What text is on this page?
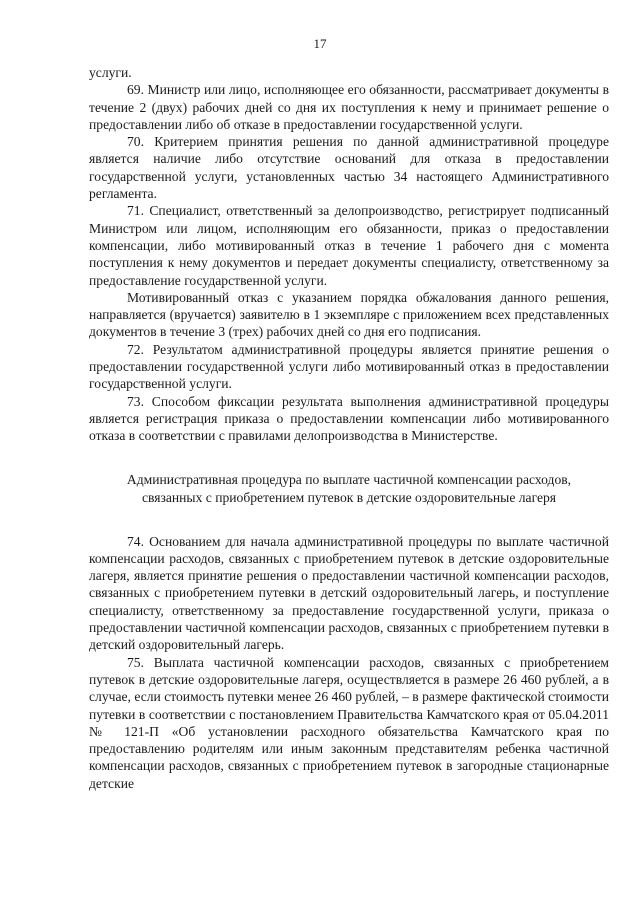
17

услуги.

69. Министр или лицо, исполняющее его обязанности, рассматривает документы в течение 2 (двух) рабочих дней со дня их поступления к нему и принимает решение о предоставлении либо об отказе в предоставлении государственной услуги.

70. Критерием принятия решения по данной административной процедуре является наличие либо отсутствие оснований для отказа в предоставлении государственной услуги, установленных частью 34 настоящего Административного регламента.

71. Специалист, ответственный за делопроизводство, регистрирует подписанный Министром или лицом, исполняющим его обязанности, приказ о предоставлении компенсации, либо мотивированный отказ в течение 1 рабочего дня с момента поступления к нему документов и передает документы специалисту, ответственному за предоставление государственной услуги.

Мотивированный отказ с указанием порядка обжалования данного решения, направляется (вручается) заявителю в 1 экземпляре с приложением всех представленных документов в течение 3 (трех) рабочих дней со дня его подписания.

72. Результатом административной процедуры является принятие решения о предоставлении государственной услуги либо мотивированный отказ в предоставлении государственной услуги.

73. Способом фиксации результата выполнения административной процедуры является регистрация приказа о предоставлении компенсации либо мотивированного отказа в соответствии с правилами делопроизводства в Министерстве.

Административная процедура по выплате частичной компенсации расходов,
связанных с приобретением путевок в детские оздоровительные лагеря

74. Основанием для начала административной процедуры по выплате частичной компенсации расходов, связанных с приобретением путевок в детские оздоровительные лагеря, является принятие решения о предоставлении частичной компенсации расходов, связанных с приобретением путевки в детский оздоровительный лагерь, и поступление специалисту, ответственному за предоставление государственной услуги, приказа о предоставлении частичной компенсации расходов, связанных с приобретением путевки в детский оздоровительный лагерь.

75. Выплата частичной компенсации расходов, связанных с приобретением путевок в детские оздоровительные лагеря, осуществляется в размере 26 460 рублей, а в случае, если стоимость путевки менее 26 460 рублей, – в размере фактической стоимости путевки в соответствии с постановлением Правительства Камчатского края от 05.04.2011 № 121-П «Об установлении расходного обязательства Камчатского края по предоставлению родителям или иным законным представителям ребенка частичной компенсации расходов, связанных с приобретением путевок в загородные стационарные детские
